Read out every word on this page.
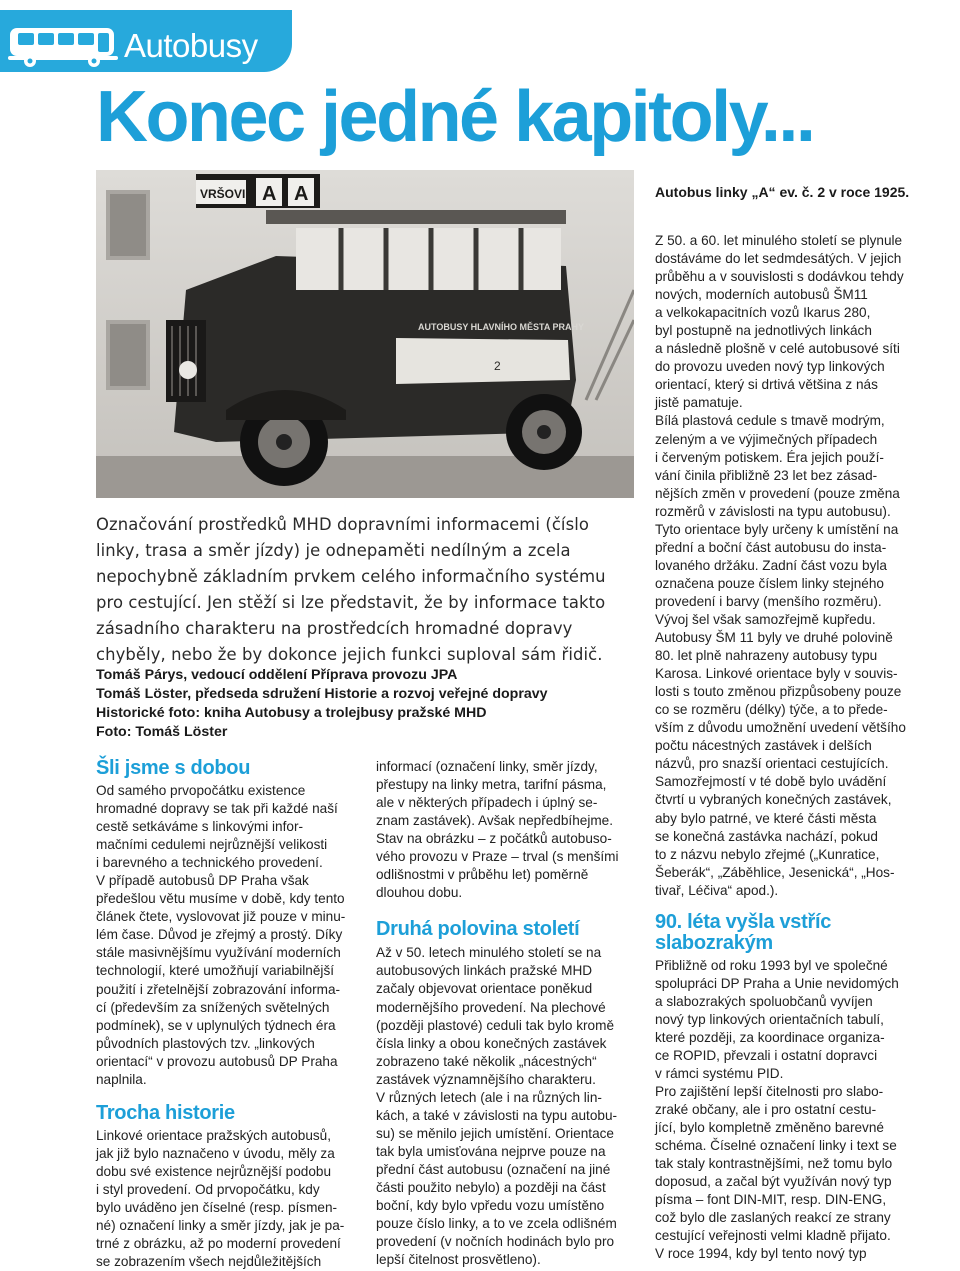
Autobusy
Konec jedné kapitoly...
VRŠOVI A A
AUTOBUSY HLAVNÍHO MĚSTA PRAHY
2
Autobus linky „A“ ev. č. 2 v roce 1925.

Označování prostředků MHD dopravními informacemi (číslo linky, trasa a směr jízdy) je odnepaměti nedílným a zcela nepochybně základním prvkem celého informačního systému pro cestující. Jen stěží si lze představit, že by informace takto zásadního charakteru na prostředcích hromadné dopravy chyběly, nebo že by dokonce jejich funkci suploval sám řidič.

Tomáš Párys, vedoucí oddělení Příprava provozu JPA
Tomáš Löster, předseda sdružení Historie a rozvoj veřejné dopravy
Historické foto: kniha Autobusy a trolejbusy pražské MHD
Foto: Tomáš Löster
Šli jsme s dobou

Od samého prvopočátku existence
hromadné dopravy se tak při každé naší
cestě setkáváme s linkovými infor-
mačními cedulemi nejrůznější velikosti
i barevného a technického provedení.

V případě autobusů DP Praha však
předešlou větu musíme v době, kdy tento
článek čtete, vyslovovat již pouze v minu-
lém čase. Důvod je zřejmý a prostý. Díky
stále masivnějšímu využívání moderních
technologií, které umožňují variabilnější
použití i zřetelnější zobrazování informa-
cí (především za snížených světelných
podmínek), se v uplynulých týdnech éra
původních plastových tzv. „linkových
orientací“ v provozu autobusů DP Praha
naplnila.

Trocha historie

Linkové orientace pražských autobusů,
jak již bylo naznačeno v úvodu, měly za
dobu své existence nejrůznější podobu
i styl provedení. Od prvopočátku, kdy
bylo uváděno jen číselné (resp. písmen-
né) označení linky a směr jízdy, jak je pa-
trné z obrázku, až po moderní provedení
se zobrazením všech nejdůležitějších

informací (označení linky, směr jízdy,
přestupy na linky metra, tarifní pásma,
ale v některých případech i úplný se-
znam zastávek). Avšak nepředbíhejme.
Stav na obrázku – z počátků autobuso-
vého provozu v Praze – trval (s menšími
odlišnostmi v průběhu let) poměrně
dlouhou dobu.

Druhá polovina století

Až v 50. letech minulého století se na
autobusových linkách pražské MHD
začaly objevovat orientace poněkud
modernějšího provedení. Na plechové
(později plastové) ceduli tak bylo kromě
čísla linky a obou konečných zastávek
zobrazeno také několik „nácestných“
zastávek významnějšího charakteru.
V různých letech (ale i na různých lin-
kách, a také v závislosti na typu autobu-
su) se měnilo jejich umístění. Orientace
tak byla umisťována nejprve pouze na
přední část autobusu (označení na jiné
části použito nebylo) a později na část
boční, kdy bylo vpředu vozu umístěno
pouze číslo linky, a to ve zcela odlišném
provedení (v nočních hodinách bylo pro
lepší čitelnost prosvětleno).

Z 50. a 60. let minulého století se plynule
dostáváme do let sedmdesátých. V jejich
průběhu a v souvislosti s dodávkou tehdy
nových, moderních autobusů ŠM11
a velkokapacitních vozů Ikarus 280,
byl postupně na jednotlivých linkách
a následně plošně v celé autobusové síti
do provozu uveden nový typ linkových
orientací, který si drtivá většina z nás
jistě pamatuje.

Bílá plastová cedule s tmavě modrým,
zeleným a ve výjimečných případech
i červeným potiskem. Éra jejich použí-
vání činila přibližně 23 let bez zásad-
nějších změn v provedení (pouze změna
rozměrů v závislosti na typu autobusu).

Tyto orientace byly určeny k umístění na
přední a boční část autobusu do insta-
lovaného držáku. Zadní část vozu byla
označena pouze číslem linky stejného
provedení i barvy (menšího rozměru).

Vývoj šel však samozřejmě kupředu.
Autobusy ŠM 11 byly ve druhé polovině
80. let plně nahrazeny autobusy typu
Karosa. Linkové orientace byly v souvis-
losti s touto změnou přizpůsobeny pouze
co se rozměru (délky) týče, a to přede-
vším z důvodu umožnění uvedení většího
počtu nácestných zastávek i delších
názvů, pro snazší orientaci cestujících.

Samozřejmostí v té době bylo uvádění
čtvrtí u vybraných konečných zastávek,
aby bylo patrné, ve které části města
se konečná zastávka nachází, pokud
to z názvu nebylo zřejmé („Kunratice,
Šeberák“, „Záběhlice, Jesenická“, „Hos-
tivař, Léčiva“ apod.).

90. léta vyšla vstříc
slabozrakým

Přibližně od roku 1993 byl ve společné
spolupráci DP Praha a Unie nevidomých
a slabozrakých spoluobčanů vyvíjen
nový typ linkových orientačních tabulí,
které později, za koordinace organiza-
ce ROPID, převzali i ostatní dopravci
v rámci systému PID.

Pro zajištění lepší čitelnosti pro slabo-
zraké občany, ale i pro ostatní cestu-
jící, bylo kompletně změněno barevné
schéma. Číselné označení linky i text se
tak staly kontrastnějšími, než tomu bylo
doposud, a začal být využíván nový typ
písma – font DIN-MIT, resp. DIN-ENG,
což bylo dle zaslaných reakcí ze strany
cestující veřejnosti velmi kladně přijato.
V roce 1994, kdy byl tento nový typ
